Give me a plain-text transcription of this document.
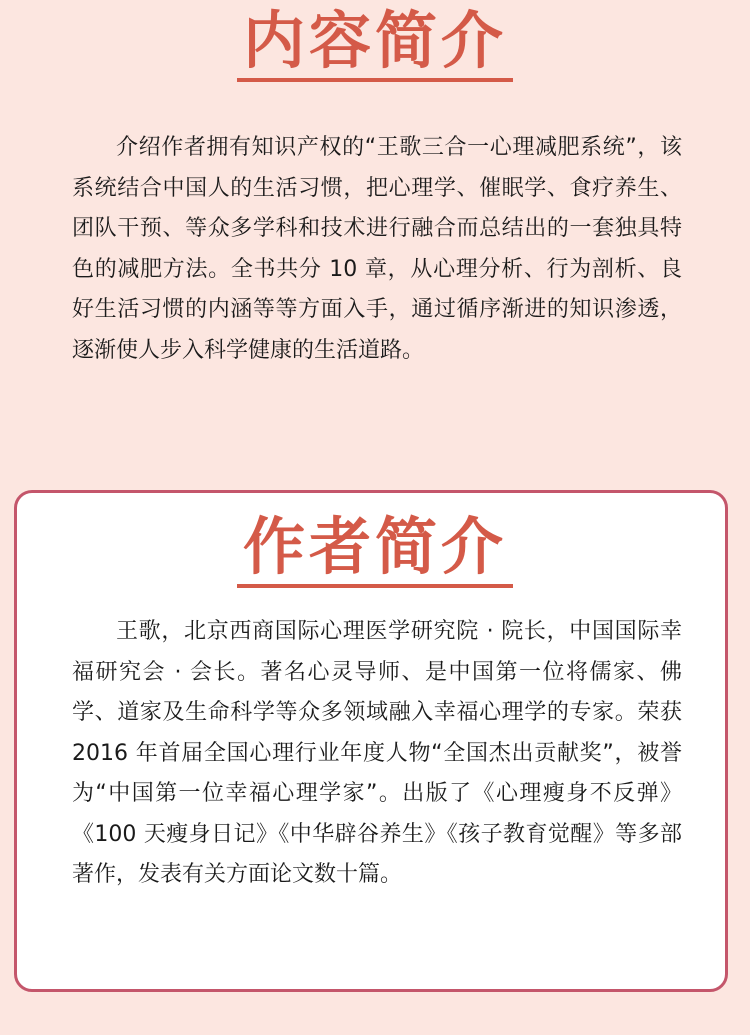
内容简介

介绍作者拥有知识产权的“王歌三合一心理减肥系统”，该系统结合中国人的生活习惯，把心理学、催眠学、食疗养生、团队干预、等众多学科和技术进行融合而总结出的一套独具特色的减肥方法。全书共分 10 章，从心理分析、行为剖析、良好生活习惯的内涵等等方面入手，通过循序渐进的知识渗透，逐渐使人步入科学健康的生活道路。

作者简介

王歌，北京西商国际心理医学研究院 · 院长，中国国际幸福研究会 · 会长。著名心灵导师、是中国第一位将儒家、佛学、道家及生命科学等众多领域融入幸福心理学的专家。荣获 2016 年首届全国心理行业年度人物“全国杰出贡献奖”，被誉为“中国第一位幸福心理学家”。出版了《心理瘦身不反弹》《100 天瘦身日记》《中华辟谷养生》《孩子教育觉醒》等多部著作，发表有关方面论文数十篇。
